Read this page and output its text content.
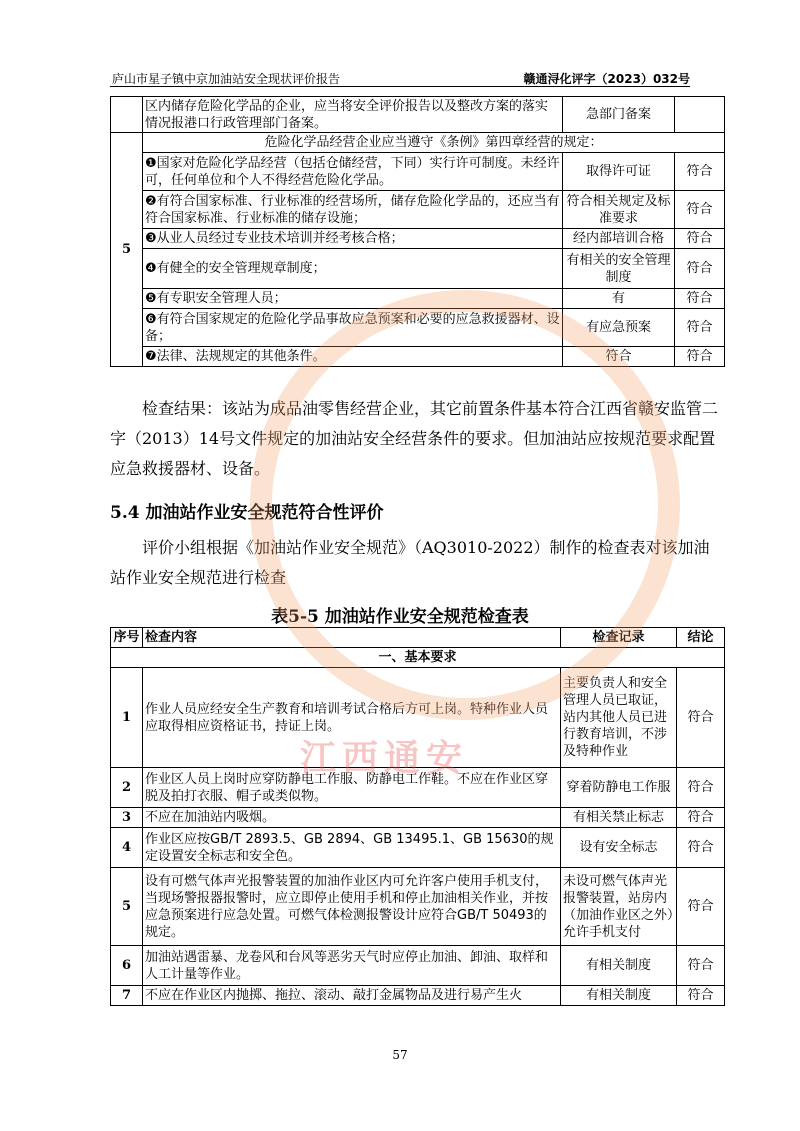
庐山市星子镇中京加油站安全现状评价报告	赣通浔化评字（2023）032号
	区内储存危险化学品的企业，应当将安全评价报告以及整改方案的落实情况报港口行政管理部门备案。	急部门备案	
5	危险化学品经营企业应当遵守《条例》第四章经营的规定：		
	❶国家对危险化学品经营（包括仓储经营，下同）实行许可制度。未经许可，任何单位和个人不得经营危险化学品。	取得许可证	符合
	❷有符合国家标准、行业标准的经营场所，储存危险化学品的，还应当有符合国家标准、行业标准的储存设施；	符合相关规定及标准要求	符合
	❸从业人员经过专业技术培训并经考核合格；	经内部培训合格	符合
	❹有健全的安全管理规章制度；	有相关的安全管理制度	符合
	❺有专职安全管理人员；	有	符合
	❻有符合国家规定的危险化学品事故应急预案和必要的应急救援器材、设备；	有应急预案	符合
	❼法律、法规规定的其他条件。	符合	符合

检查结果：该站为成品油零售经营企业，其它前置条件基本符合江西省赣安监管二字（2013）14号文件规定的加油站安全经营条件的要求。但加油站应按规范要求配置应急救援器材、设备。

5.4 加油站作业安全规范符合性评价

评价小组根据《加油站作业安全规范》（AQ3010-2022）制作的检查表对该加油站作业安全规范进行检查

表5-5 加油站作业安全规范检查表
序号	检查内容	检查记录	结论
一、基本要求			
1	作业人员应经安全生产教育和培训考试合格后方可上岗。特种作业人员应取得相应资格证书，持证上岗。	主要负责人和安全管理人员已取证，站内其他人员已进行教育培训，不涉及特种作业	符合
2	作业区人员上岗时应穿防静电工作服、防静电工作鞋。不应在作业区穿脱及拍打衣服、帽子或类似物。	穿着防静电工作服	符合
3	不应在加油站内吸烟。	有相关禁止标志	符合
4	作业区应按GB/T 2893.5、GB 2894、GB 13495.1、GB 15630的规定设置安全标志和安全色。	设有安全标志	符合
5	设有可燃气体声光报警装置的加油作业区内可允许客户使用手机支付，当现场警报器报警时，应立即停止使用手机和停止加油相关作业，并按应急预案进行应急处置。可燃气体检测报警设计应符合GB/T 50493的规定。	未设可燃气体声光报警装置，站房内（加油作业区之外）允许手机支付	符合
6	加油站遇雷暴、龙卷风和台风等恶劣天气时应停止加油、卸油、取样和人工计量等作业。	有相关制度	符合
7	不应在作业区内抛掷、拖拉、滚动、敲打金属物品及进行易产生火	有相关制度	符合
江西通安
57
